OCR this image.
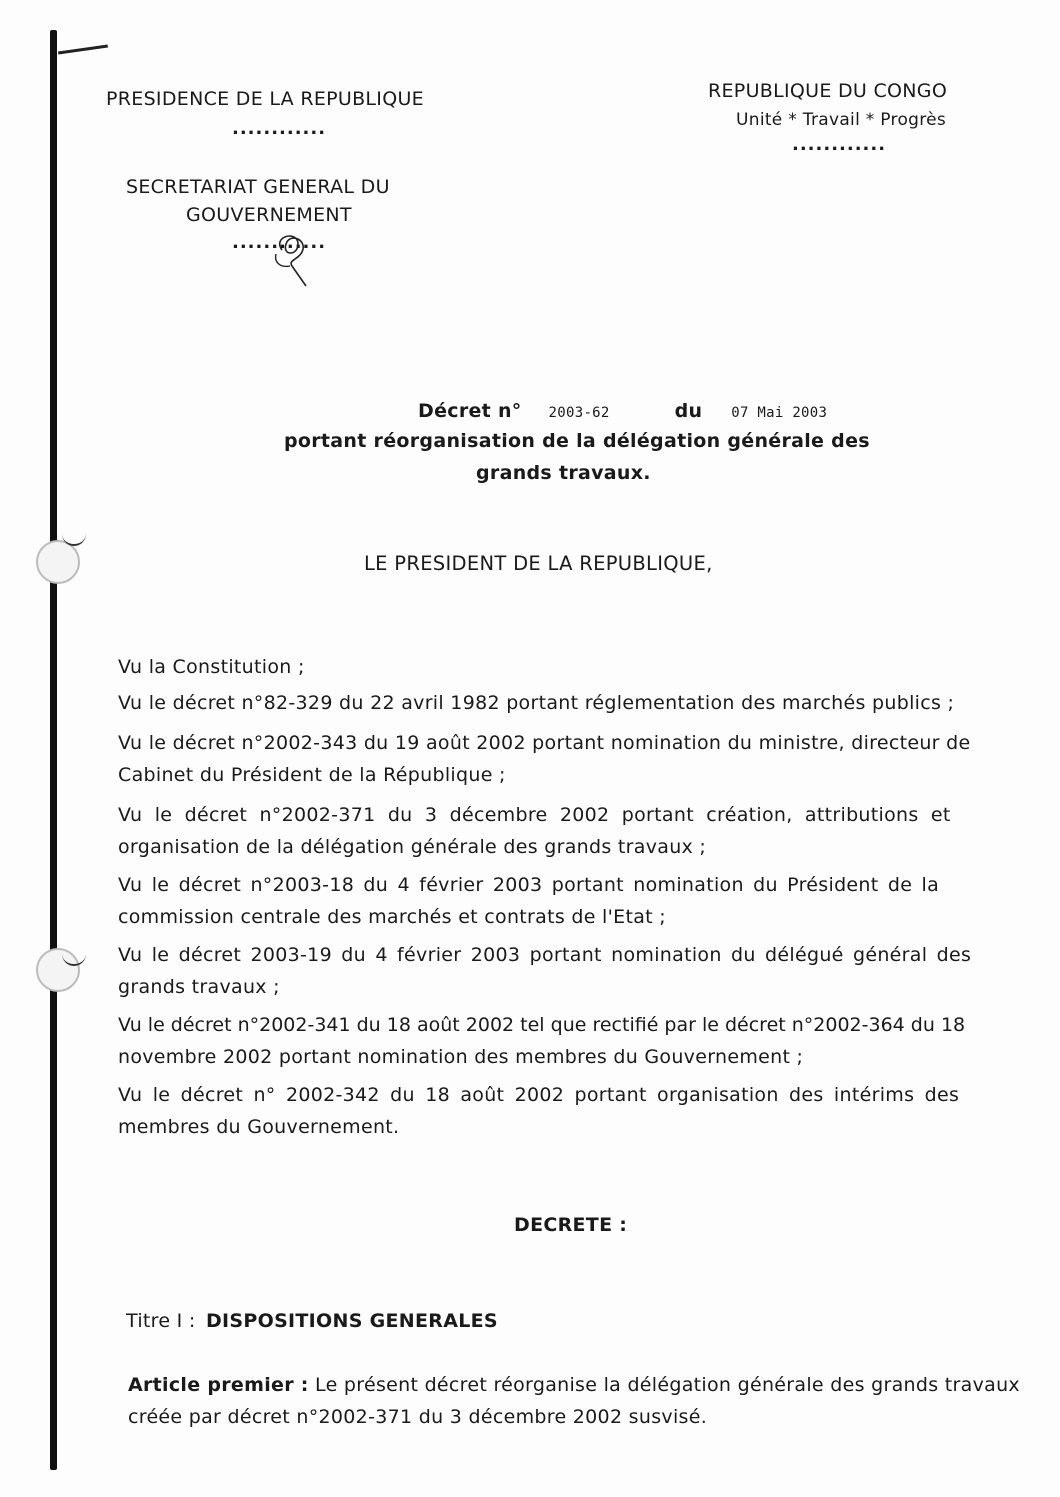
PRESIDENCE DE LA REPUBLIQUE
............
SECRETARIAT GENERAL DU
GOUVERNEMENT
............
REPUBLIQUE DU CONGO
Unité * Travail * Progrès
............
Décret n° 2003-62	du 07 Mai 2003
portant réorganisation de la délégation générale des
grands travaux.
LE PRESIDENT DE LA REPUBLIQUE,
Vu la Constitution ;
Vu le décret n°82-329 du 22 avril 1982 portant réglementation des marchés publics ;
Vu le décret n°2002-343 du 19 août 2002 portant nomination du ministre, directeur de
Cabinet du Président de la République ;
Vu le décret n°2002-371 du 3 décembre 2002 portant création, attributions et
organisation de la délégation générale des grands travaux ;
Vu le décret n°2003-18 du 4 février 2003 portant nomination du Président de la
commission centrale des marchés et contrats de l'Etat ;
Vu le décret 2003-19 du 4 février 2003 portant nomination du délégué général des
grands travaux ;
Vu le décret n°2002-341 du 18 août 2002 tel que rectifié par le décret n°2002-364 du 18
novembre 2002 portant nomination des membres du Gouvernement ;
Vu le décret n° 2002-342 du 18 août 2002 portant organisation des intérims des
membres du Gouvernement.
DECRETE :
Titre I : DISPOSITIONS GENERALES
Article premier : Le présent décret réorganise la délégation générale des grands travaux
créée par décret n°2002-371 du 3 décembre 2002 susvisé.
